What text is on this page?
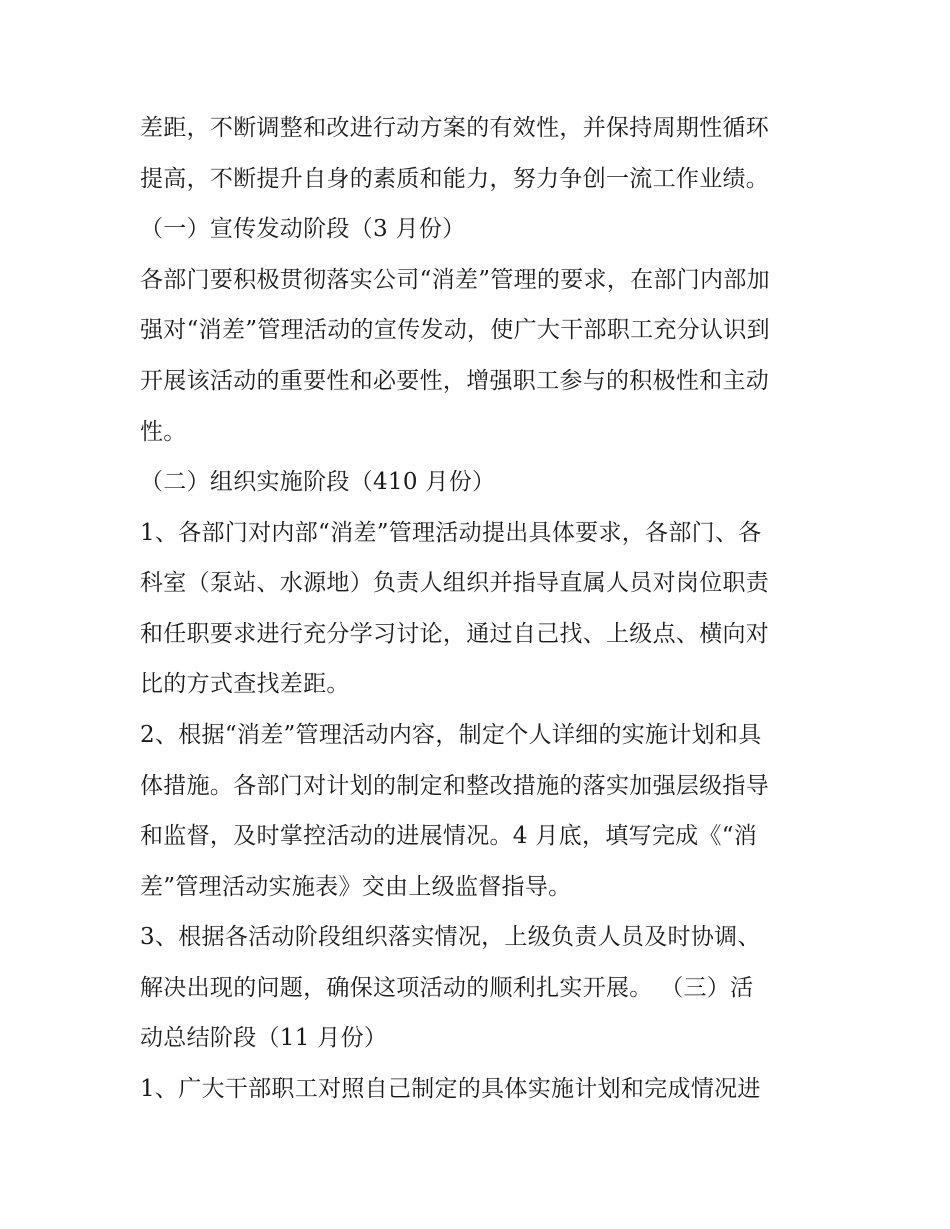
差距，不断调整和改进行动方案的有效性，并保持周期性循环
提高，不断提升自身的素质和能力，努力争创一流工作业绩。
（一）宣传发动阶段（3 月份）
各部门要积极贯彻落实公司“消差”管理的要求，在部门内部加
强对“消差”管理活动的宣传发动，使广大干部职工充分认识到
开展该活动的重要性和必要性，增强职工参与的积极性和主动
性。
（二）组织实施阶段（410 月份）
1、各部门对内部“消差”管理活动提出具体要求，各部门、各
科室（泵站、水源地）负责人组织并指导直属人员对岗位职责
和任职要求进行充分学习讨论，通过自己找、上级点、横向对
比的方式查找差距。
2、根据“消差”管理活动内容，制定个人详细的实施计划和具
体措施。各部门对计划的制定和整改措施的落实加强层级指导
和监督，及时掌控活动的进展情况。4 月底，填写完成《“消
差”管理活动实施表》交由上级监督指导。
3、根据各活动阶段组织落实情况，上级负责人员及时协调、
解决出现的问题，确保这项活动的顺利扎实开展。 （三）活
动总结阶段（11 月份）
1、广大干部职工对照自己制定的具体实施计划和完成情况进
